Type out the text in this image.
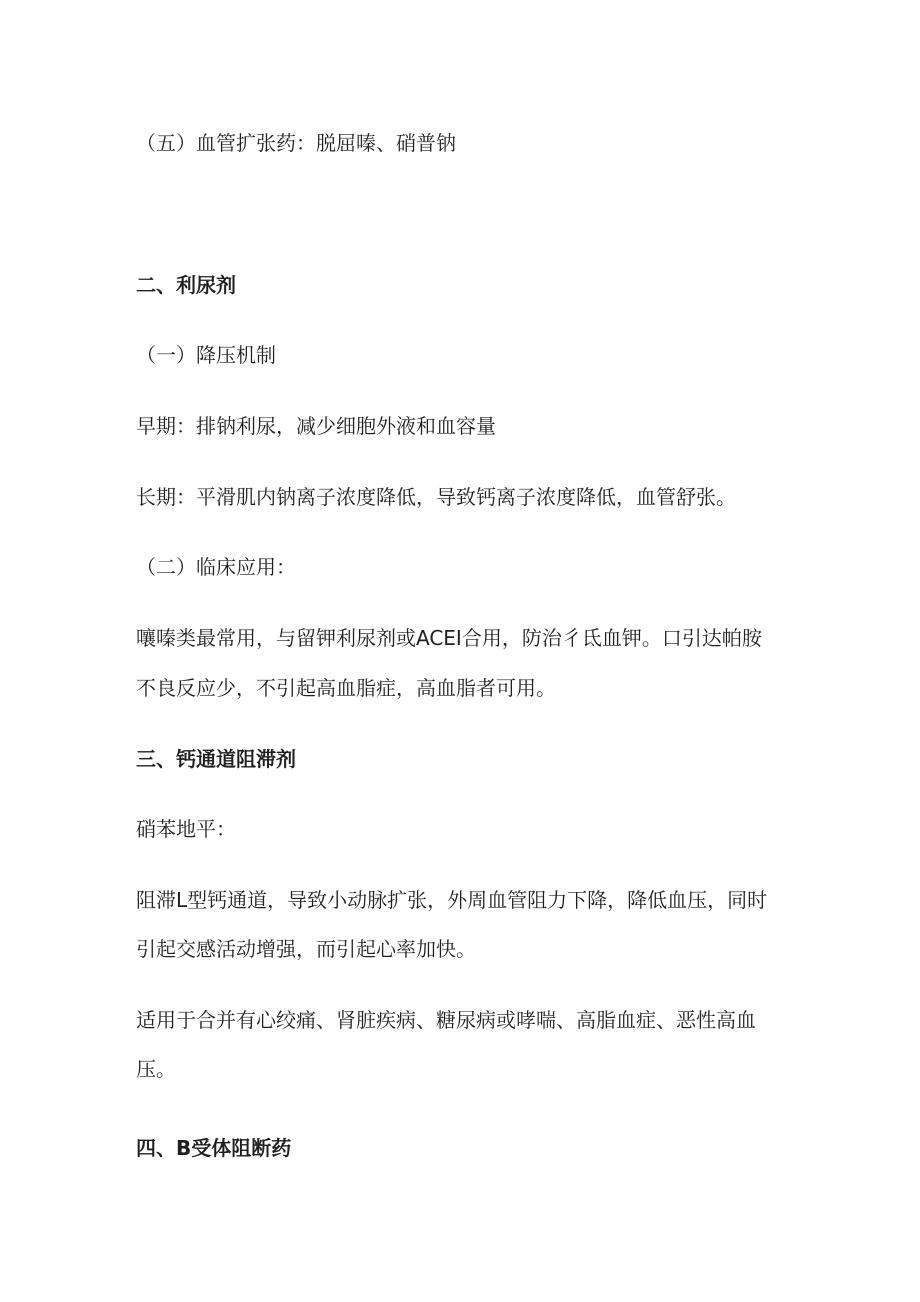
（五）血管扩张药：脱屈嗪、硝普钠
二、利尿剂
（一）降压机制
早期：排钠利尿，减少细胞外液和血容量
长期：平滑肌内钠离子浓度降低，导致钙离子浓度降低，血管舒张。
（二）临床应用：
嚷嗪类最常用，与留钾利尿剂或ACEI合用，防治彳氐血钾。口引达帕胺
不良反应少，不引起高血脂症，高血脂者可用。
三、钙通道阻滞剂
硝苯地平：
阻滞L型钙通道，导致小动脉扩张，外周血管阻力下降，降低血压，同时
引起交感活动增强，而引起心率加快。
适用于合并有心绞痛、肾脏疾病、糖尿病或哮喘、高脂血症、恶性高血
压。
四、B受体阻断药
